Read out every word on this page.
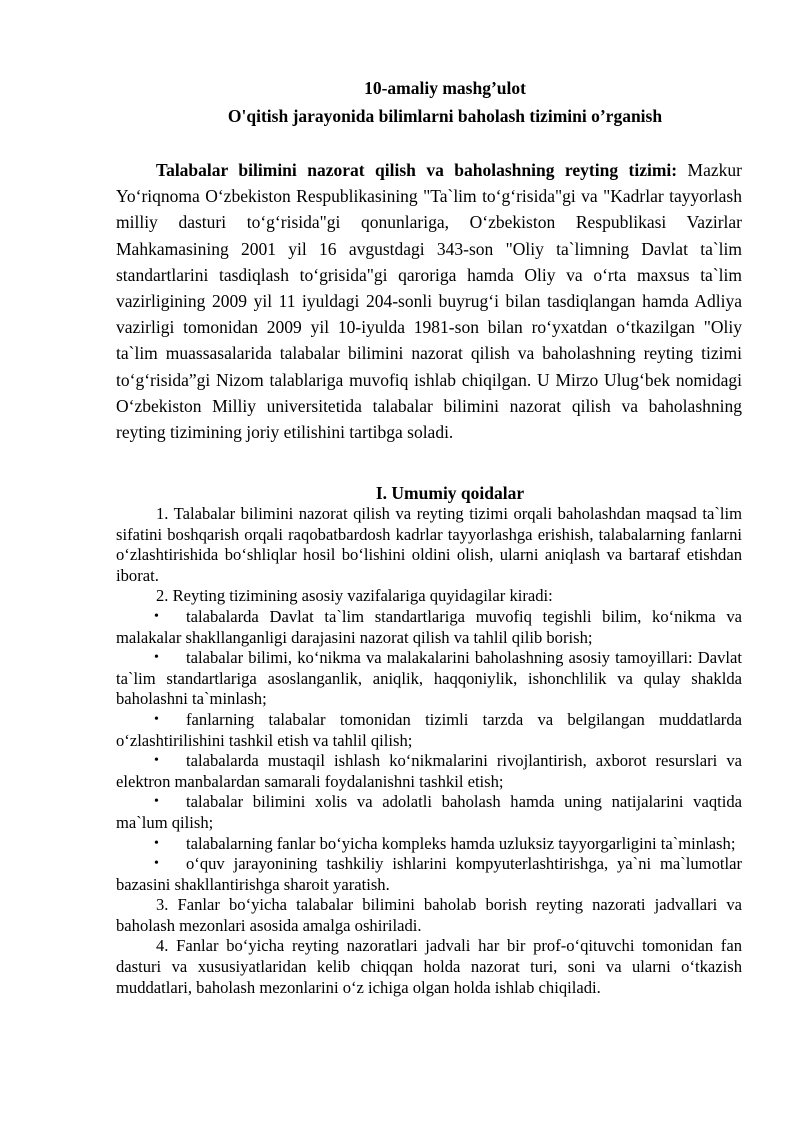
10-amaliy mashg’ulot

O'qitish jarayonida bilimlarni baholash tizimini o’rganish

Talabalar bilimini nazorat qilish va baholashning reyting tizimi: Mazkur Yo‘riqnoma O‘zbekiston Respublikasining "Ta`lim to‘g‘risida"gi va "Kadrlar tayyorlash milliy dasturi to‘g‘risida"gi qonunlariga, O‘zbekiston Respublikasi Vazirlar Mahkamasining 2001 yil 16 avgustdagi 343-son "Oliy ta`limning Davlat ta`lim standartlarini tasdiqlash to‘grisida"gi qaroriga hamda Oliy va o‘rta maxsus ta`lim vazirligining 2009 yil 11 iyuldagi 204-sonli buyrug‘i bilan tasdiqlangan hamda Adliya vazirligi tomonidan 2009 yil 10-iyulda 1981-son bilan ro‘yxatdan o‘tkazilgan "Oliy ta`lim muassasalarida talabalar bilimini nazorat qilish va baholashning reyting tizimi to‘g‘risida”gi Nizom talablariga muvofiq ishlab chiqilgan. U Mirzo Ulug‘bek nomidagi O‘zbekiston Milliy universitetida talabalar bilimini nazorat qilish va baholashning reyting tizimining joriy etilishini tartibga soladi.

I. Umumiy qoidalar

1. Talabalar bilimini nazorat qilish va reyting tizimi orqali baholashdan maqsad ta`lim sifatini boshqarish orqali raqobatbardosh kadrlar tayyorlashga erishish, talabalarning fanlarni o‘zlashtirishida bo‘shliqlar hosil bo‘lishini oldini olish, ularni aniqlash va bartaraf etishdan iborat.

2. Reyting tizimining asosiy vazifalariga quyidagilar kiradi:

• talabalarda Davlat ta`lim standartlariga muvofiq tegishli bilim, ko‘nikma va malakalar shakllanganligi darajasini nazorat qilish va tahlil qilib borish;

• talabalar bilimi, ko‘nikma va malakalarini baholashning asosiy tamoyillari: Davlat ta`lim standartlariga asoslanganlik, aniqlik, haqqoniylik, ishonchlilik va qulay shaklda baholashni ta`minlash;

• fanlarning talabalar tomonidan tizimli tarzda va belgilangan muddatlarda o‘zlashtirilishini tashkil etish va tahlil qilish;

• talabalarda mustaqil ishlash ko‘nikmalarini rivojlantirish, axborot resurslari va elektron manbalardan samarali foydalanishni tashkil etish;

• talabalar bilimini xolis va adolatli baholash hamda uning natijalarini vaqtida ma`lum qilish;

• talabalarning fanlar bo‘yicha kompleks hamda uzluksiz tayyorgarligini ta`minlash;

• o‘quv jarayonining tashkiliy ishlarini kompyuterlashtirishga, ya`ni ma`lumotlar bazasini shakllantirishga sharoit yaratish.

3. Fanlar bo‘yicha talabalar bilimini baholab borish reyting nazorati jadvallari va baholash mezonlari asosida amalga oshiriladi.

4. Fanlar bo‘yicha reyting nazoratlari jadvali har bir prof-o‘qituvchi tomonidan fan dasturi va xususiyatlaridan kelib chiqqan holda nazorat turi, soni va ularni o‘tkazish muddatlari, baholash mezonlarini o‘z ichiga olgan holda ishlab chiqiladi.
